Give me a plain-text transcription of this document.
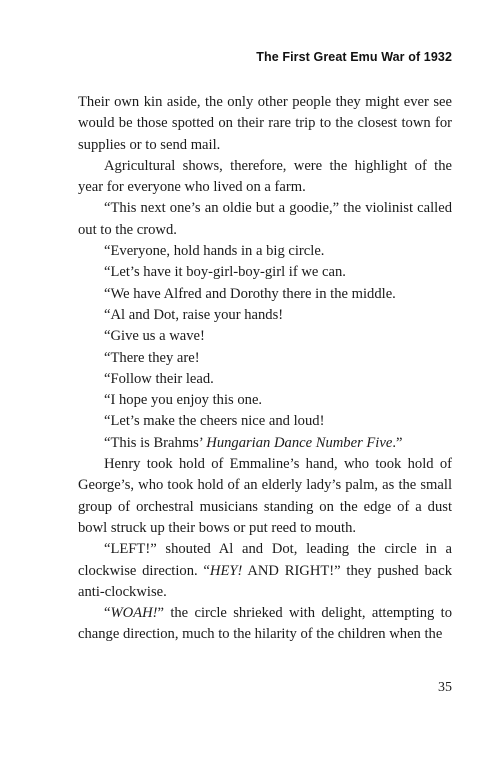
The First Great Emu War of 1932

Their own kin aside, the only other people they might ever see would be those spotted on their rare trip to the closest town for supplies or to send mail.

Agricultural shows, therefore, were the highlight of the year for everyone who lived on a farm.

“This next one’s an oldie but a goodie,” the violinist called out to the crowd.

“Everyone, hold hands in a big circle.

“Let’s have it boy-girl-boy-girl if we can.

“We have Alfred and Dorothy there in the middle.

“Al and Dot, raise your hands!

“Give us a wave!

“There they are!

“Follow their lead.

“I hope you enjoy this one.

“Let’s make the cheers nice and loud!

“This is Brahms’ Hungarian Dance Number Five.”

Henry took hold of Emmaline’s hand, who took hold of George’s, who took hold of an elderly lady’s palm, as the small group of orchestral musicians standing on the edge of a dust bowl struck up their bows or put reed to mouth.

“LEFT!” shouted Al and Dot, leading the circle in a clockwise direction. “HEY! AND RIGHT!” they pushed back anti-clockwise.

“WOAH!” the circle shrieked with delight, attempting to change direction, much to the hilarity of the children when the

35
